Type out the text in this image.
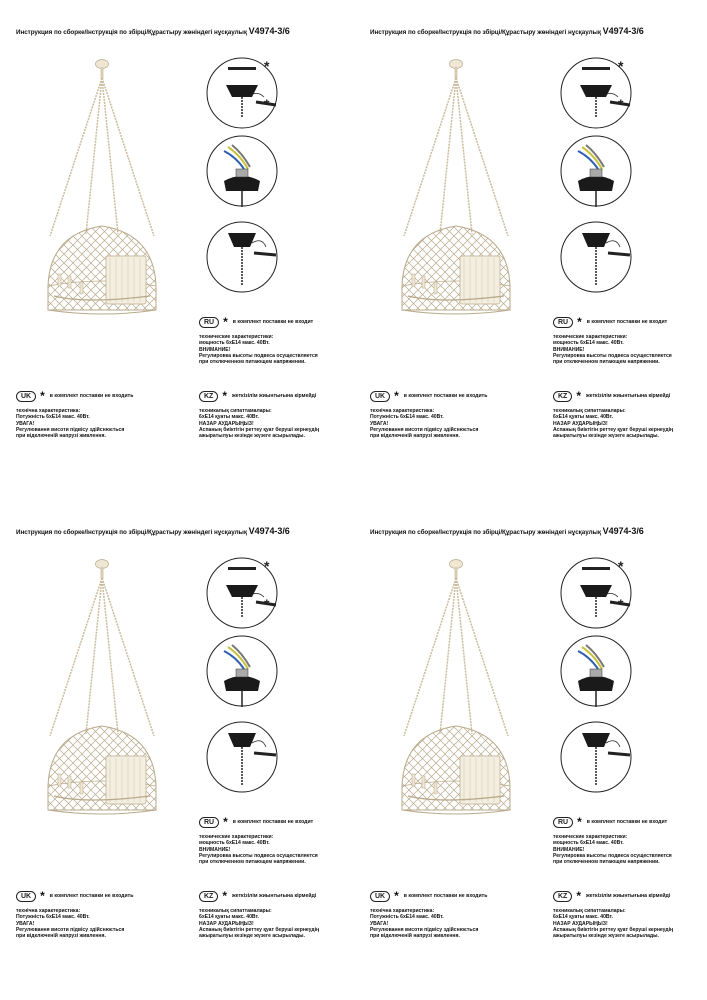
Инструкция по сборке/Інструкція по збірці/Құрастыру жөніндегі нұсқаулық V4974-3/6
*
*
RU * в комплект поставки не входит

технические характеристики:

мощность 6хЕ14 макс. 40Вт.

ВНИМАНИЕ!

Регулировка высоты подвеса осуществляется

при отключенном питающем напряжении.

UK * в комплект поставки не входить

технічна характеристика:

Потужність 6хЕ14 макс. 40Вт.

УВАГА!

Регулювання висоти підвісу здійснюється

при відключеній напрузі живлення.

KZ * жеткізілім жиынтығына кірмейді

техникалық сипаттамалары:

6хЕ14 қуаты макс. 40Вт.

НАЗАР АУДАРЫҢЫЗ!

Аспаның биіктігін реттеу қуат беруші кернеудің

ажыратылуы кезінде жүзеге асырылады.

Инструкция по сборке/Інструкція по збірці/Құрастыру жөніндегі нұсқаулық V4974-3/6
*
*
RU * в комплект поставки не входит

технические характеристики:

мощность 6хЕ14 макс. 40Вт.

ВНИМАНИЕ!

Регулировка высоты подвеса осуществляется

при отключенном питающем напряжении.

UK * в комплект поставки не входить

технічна характеристика:

Потужність 6хЕ14 макс. 40Вт.

УВАГА!

Регулювання висоти підвісу здійснюється

при відключеній напрузі живлення.

KZ * жеткізілім жиынтығына кірмейді

техникалық сипаттамалары:

6хЕ14 қуаты макс. 40Вт.

НАЗАР АУДАРЫҢЫЗ!

Аспаның биіктігін реттеу қуат беруші кернеудің

ажыратылуы кезінде жүзеге асырылады.

Инструкция по сборке/Інструкція по збірці/Құрастыру жөніндегі нұсқаулық V4974-3/6
*
*
RU * в комплект поставки не входит

технические характеристики:

мощность 6хЕ14 макс. 40Вт.

ВНИМАНИЕ!

Регулировка высоты подвеса осуществляется

при отключенном питающем напряжении.

UK * в комплект поставки не входить

технічна характеристика:

Потужність 6хЕ14 макс. 40Вт.

УВАГА!

Регулювання висоти підвісу здійснюється

при відключеній напрузі живлення.

KZ * жеткізілім жиынтығына кірмейді

техникалық сипаттамалары:

6хЕ14 қуаты макс. 40Вт.

НАЗАР АУДАРЫҢЫЗ!

Аспаның биіктігін реттеу қуат беруші кернеудің

ажыратылуы кезінде жүзеге асырылады.

Инструкция по сборке/Інструкція по збірці/Құрастыру жөніндегі нұсқаулық V4974-3/6
*
*
RU * в комплект поставки не входит

технические характеристики:

мощность 6хЕ14 макс. 40Вт.

ВНИМАНИЕ!

Регулировка высоты подвеса осуществляется

при отключенном питающем напряжении.

UK * в комплект поставки не входить

технічна характеристика:

Потужність 6хЕ14 макс. 40Вт.

УВАГА!

Регулювання висоти підвісу здійснюється

при відключеній напрузі живлення.

KZ * жеткізілім жиынтығына кірмейді

техникалық сипаттамалары:

6хЕ14 қуаты макс. 40Вт.

НАЗАР АУДАРЫҢЫЗ!

Аспаның биіктігін реттеу қуат беруші кернеудің

ажыратылуы кезінде жүзеге асырылады.
